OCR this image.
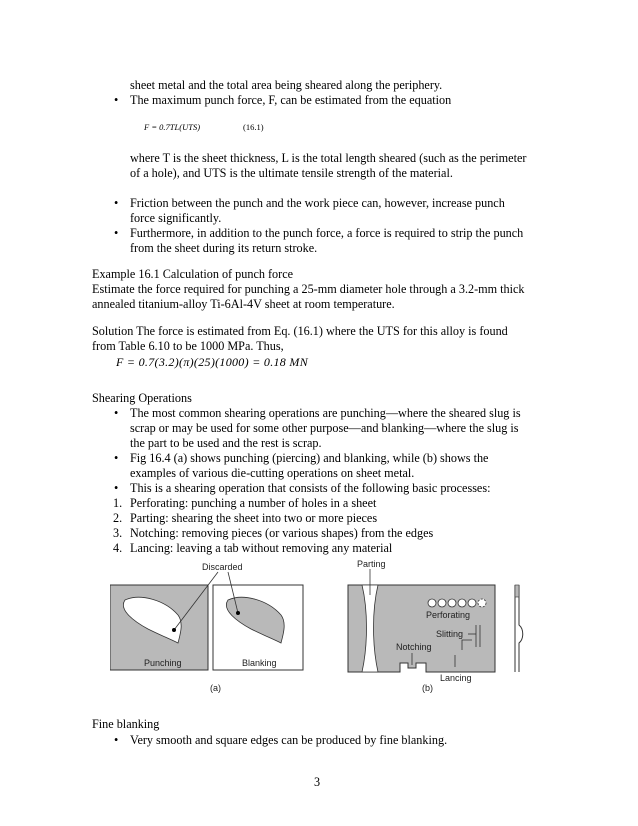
sheet metal and the total area being sheared along the periphery.
• The maximum punch force, F, can be estimated from the equation
F = 0.7TL(UTS)	(16.1)
where T is the sheet thickness, L is the total length sheared (such as the perimeter
of a hole), and UTS is the ultimate tensile strength of the material.
• Friction between the punch and the work piece can, however, increase punch
force significantly.
• Furthermore, in addition to the punch force, a force is required to strip the punch
from the sheet during its return stroke.
Example 16.1 Calculation of punch force
Estimate the force required for punching a 25-mm diameter hole through a 3.2-mm thick
annealed titanium-alloy Ti-6Al-4V sheet at room temperature.
Solution The force is estimated from Eq. (16.1) where the UTS for this alloy is found
from Table 6.10 to be 1000 MPa. Thus,
F = 0.7(3.2)(π)(25)(1000) = 0.18 MN
Shearing Operations
• The most common shearing operations are punching—where the sheared slug is
scrap or may be used for some other purpose—and blanking—where the slug is
the part to be used and the rest is scrap.
• Fig 16.4 (a) shows punching (piercing) and blanking, while (b) shows the
examples of various die-cutting operations on sheet metal.
• This is a shearing operation that consists of the following basic processes:
1. Perforating: punching a number of holes in a sheet
2. Parting: shearing the sheet into two or more pieces
3. Notching: removing pieces (or various shapes) from the edges
4. Lancing: leaving a tab without removing any material
Discarded
Punching	Blanking
(a)
Parting
Perforating
Slitting
Notching
Lancing
(b)
Fine blanking
• Very smooth and square edges can be produced by fine blanking.
3
